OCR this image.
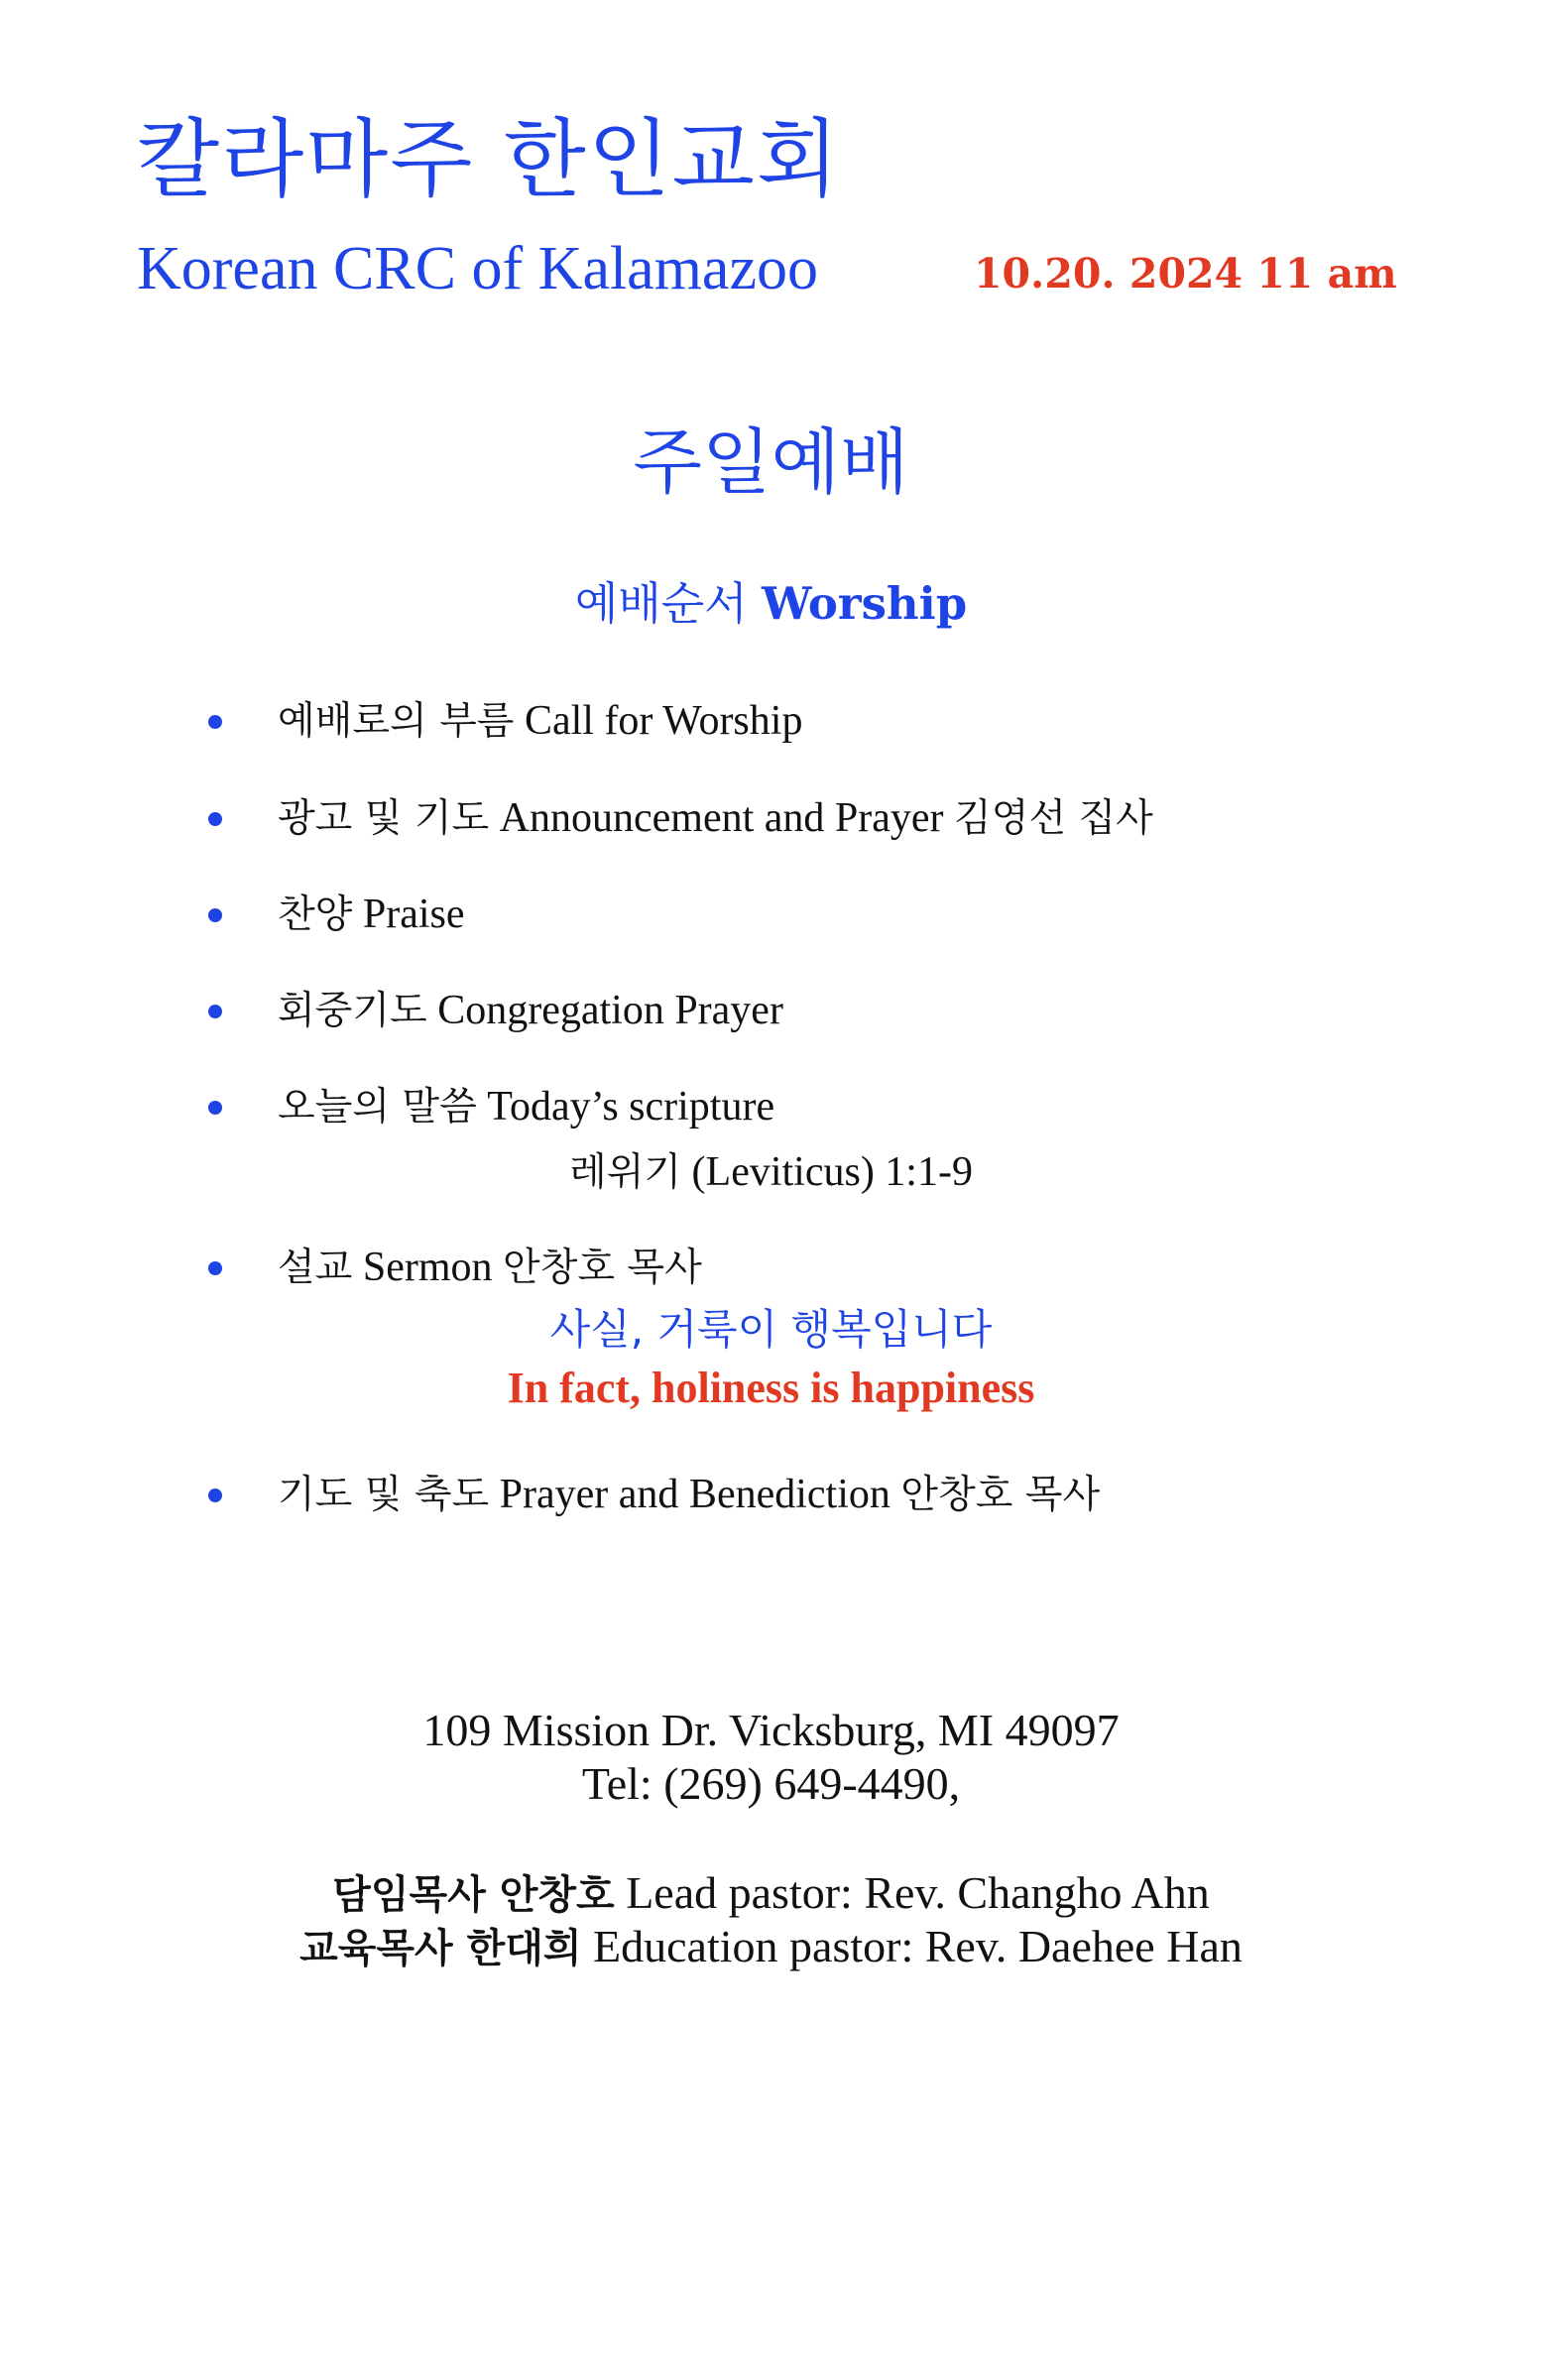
칼라마주 한인교회
Korean CRC of Kalamazoo	10.20. 2024 11 am
주일예배
예배순서 Worship
예배로의 부름 Call for Worship
광고 및 기도 Announcement and Prayer 김영선 집사
찬양 Praise
회중기도 Congregation Prayer
오늘의 말씀 Today’s scripture
레위기 (Leviticus) 1:1-9
설교 Sermon 안창호 목사
사실, 거룩이 행복입니다
In fact, holiness is happiness
기도 및 축도 Prayer and Benediction 안창호 목사
109 Mission Dr. Vicksburg, MI 49097
Tel: (269) 649-4490,
담임목사 안창호 Lead pastor: Rev. Changho Ahn
교육목사 한대희 Education pastor: Rev. Daehee Han
